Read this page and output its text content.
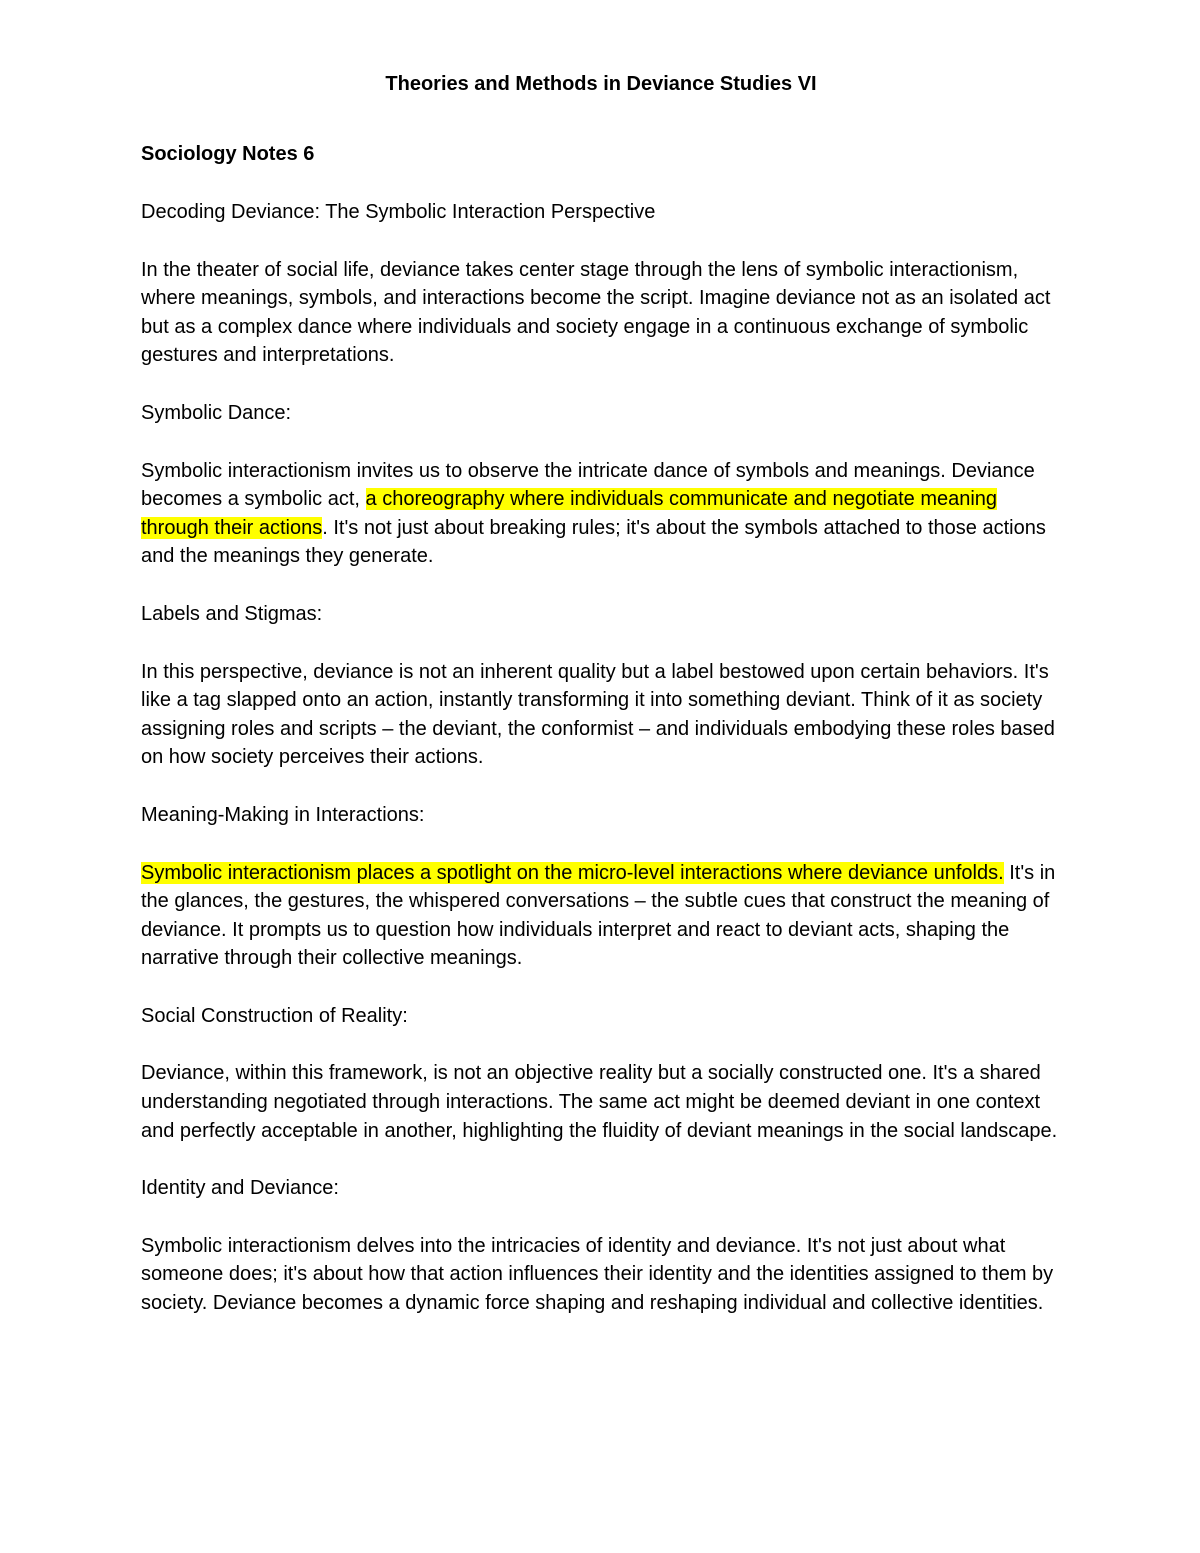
Theories and Methods in Deviance Studies VI

Sociology Notes 6

Decoding Deviance: The Symbolic Interaction Perspective

In the theater of social life, deviance takes center stage through the lens of symbolic interactionism, where meanings, symbols, and interactions become the script. Imagine deviance not as an isolated act but as a complex dance where individuals and society engage in a continuous exchange of symbolic gestures and interpretations.

Symbolic Dance:

Symbolic interactionism invites us to observe the intricate dance of symbols and meanings. Deviance becomes a symbolic act, a choreography where individuals communicate and negotiate meaning through their actions. It's not just about breaking rules; it's about the symbols attached to those actions and the meanings they generate.

Labels and Stigmas:

In this perspective, deviance is not an inherent quality but a label bestowed upon certain behaviors. It's like a tag slapped onto an action, instantly transforming it into something deviant. Think of it as society assigning roles and scripts – the deviant, the conformist – and individuals embodying these roles based on how society perceives their actions.

Meaning-Making in Interactions:

Symbolic interactionism places a spotlight on the micro-level interactions where deviance unfolds. It's in the glances, the gestures, the whispered conversations – the subtle cues that construct the meaning of deviance. It prompts us to question how individuals interpret and react to deviant acts, shaping the narrative through their collective meanings.

Social Construction of Reality:

Deviance, within this framework, is not an objective reality but a socially constructed one. It's a shared understanding negotiated through interactions. The same act might be deemed deviant in one context and perfectly acceptable in another, highlighting the fluidity of deviant meanings in the social landscape.

Identity and Deviance:

Symbolic interactionism delves into the intricacies of identity and deviance. It's not just about what someone does; it's about how that action influences their identity and the identities assigned to them by society. Deviance becomes a dynamic force shaping and reshaping individual and collective identities.
